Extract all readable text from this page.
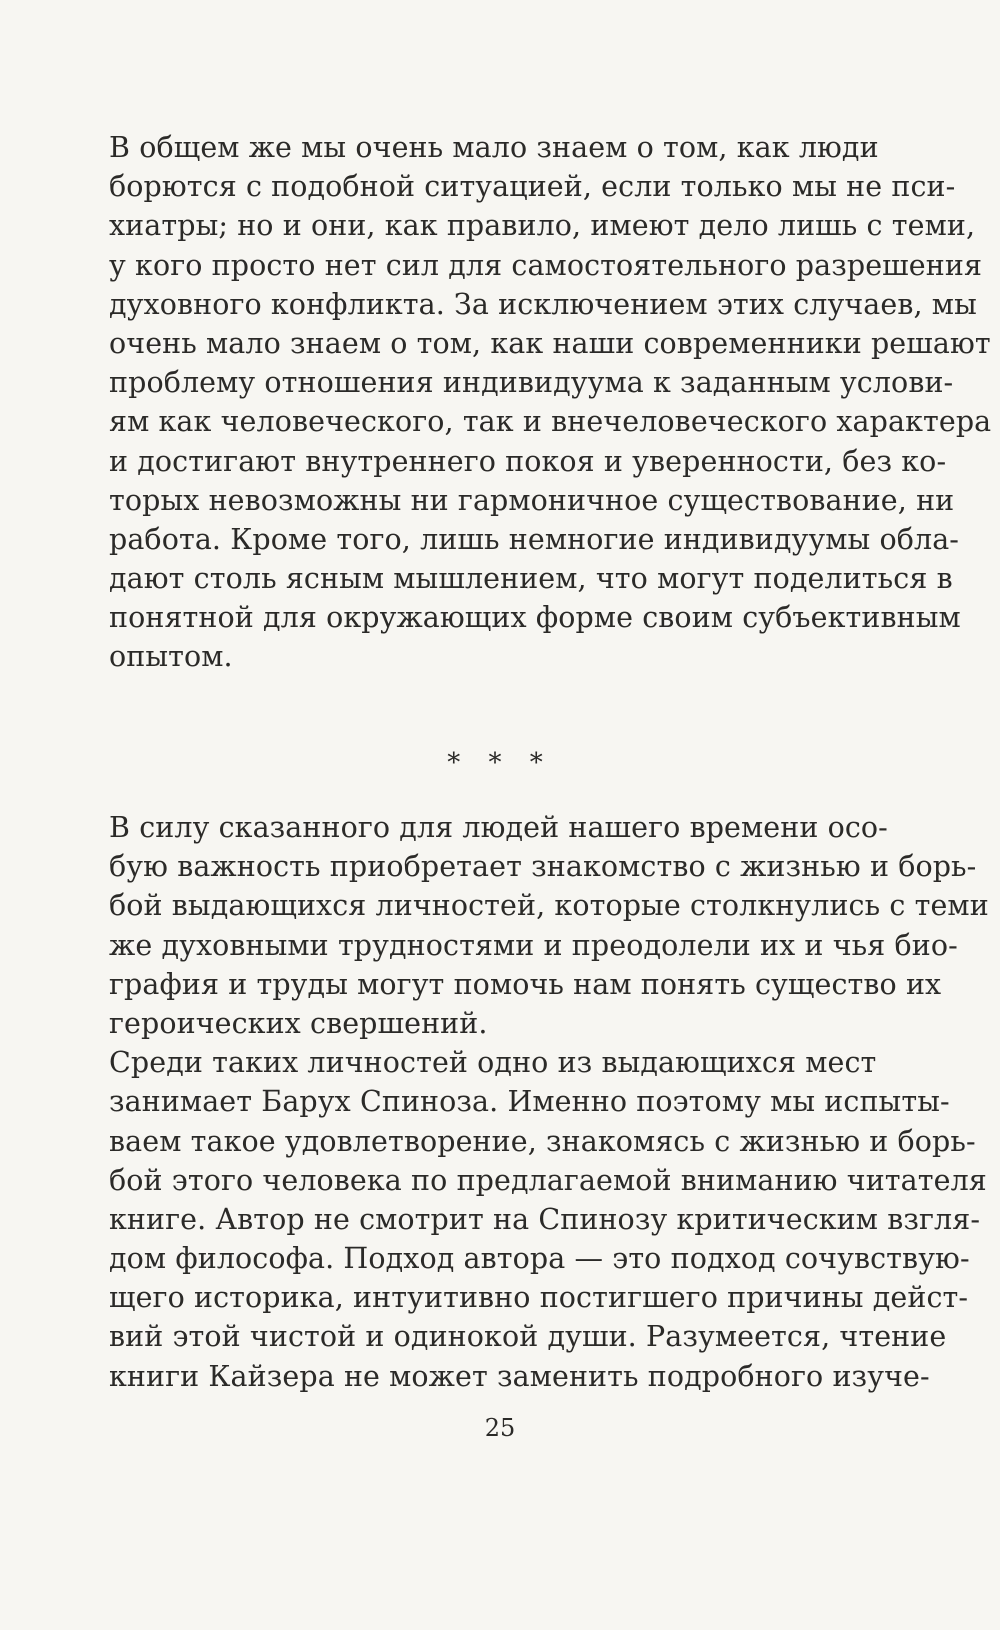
В общем же мы очень мало знаем о том, как люди
борются с подобной ситуацией, если только мы не пси-
хиатры; но и они, как правило, имеют дело лишь с теми,
у кого просто нет сил для самостоятельного разрешения
духовного конфликта. За исключением этих случаев, мы
очень мало знаем о том, как наши современники решают
проблему отношения индивидуума к заданным услови-
ям как человеческого, так и внечеловеческого характера
и достигают внутреннего покоя и уверенности, без ко-
торых невозможны ни гармоничное существование, ни
работа. Кроме того, лишь немногие индивидуумы обла-
дают столь ясным мышлением, что могут поделиться в
понятной для окружающих форме своим субъективным
опытом.
* * *
В силу сказанного для людей нашего времени осо-
бую важность приобретает знакомство с жизнью и борь-
бой выдающихся личностей, которые столкнулись с теми
же духовными трудностями и преодолели их и чья био-
графия и труды могут помочь нам понять существо их
героических свершений.
Среди таких личностей одно из выдающихся мест
занимает Барух Спиноза. Именно поэтому мы испыты-
ваем такое удовлетворение, знакомясь с жизнью и борь-
бой этого человека по предлагаемой вниманию читателя
книге. Автор не смотрит на Спинозу критическим взгля-
дом философа. Подход автора — это подход сочувствую-
щего историка, интуитивно постигшего причины дейст-
вий этой чистой и одинокой души. Разумеется, чтение
книги Кайзера не может заменить подробного изуче-
25
